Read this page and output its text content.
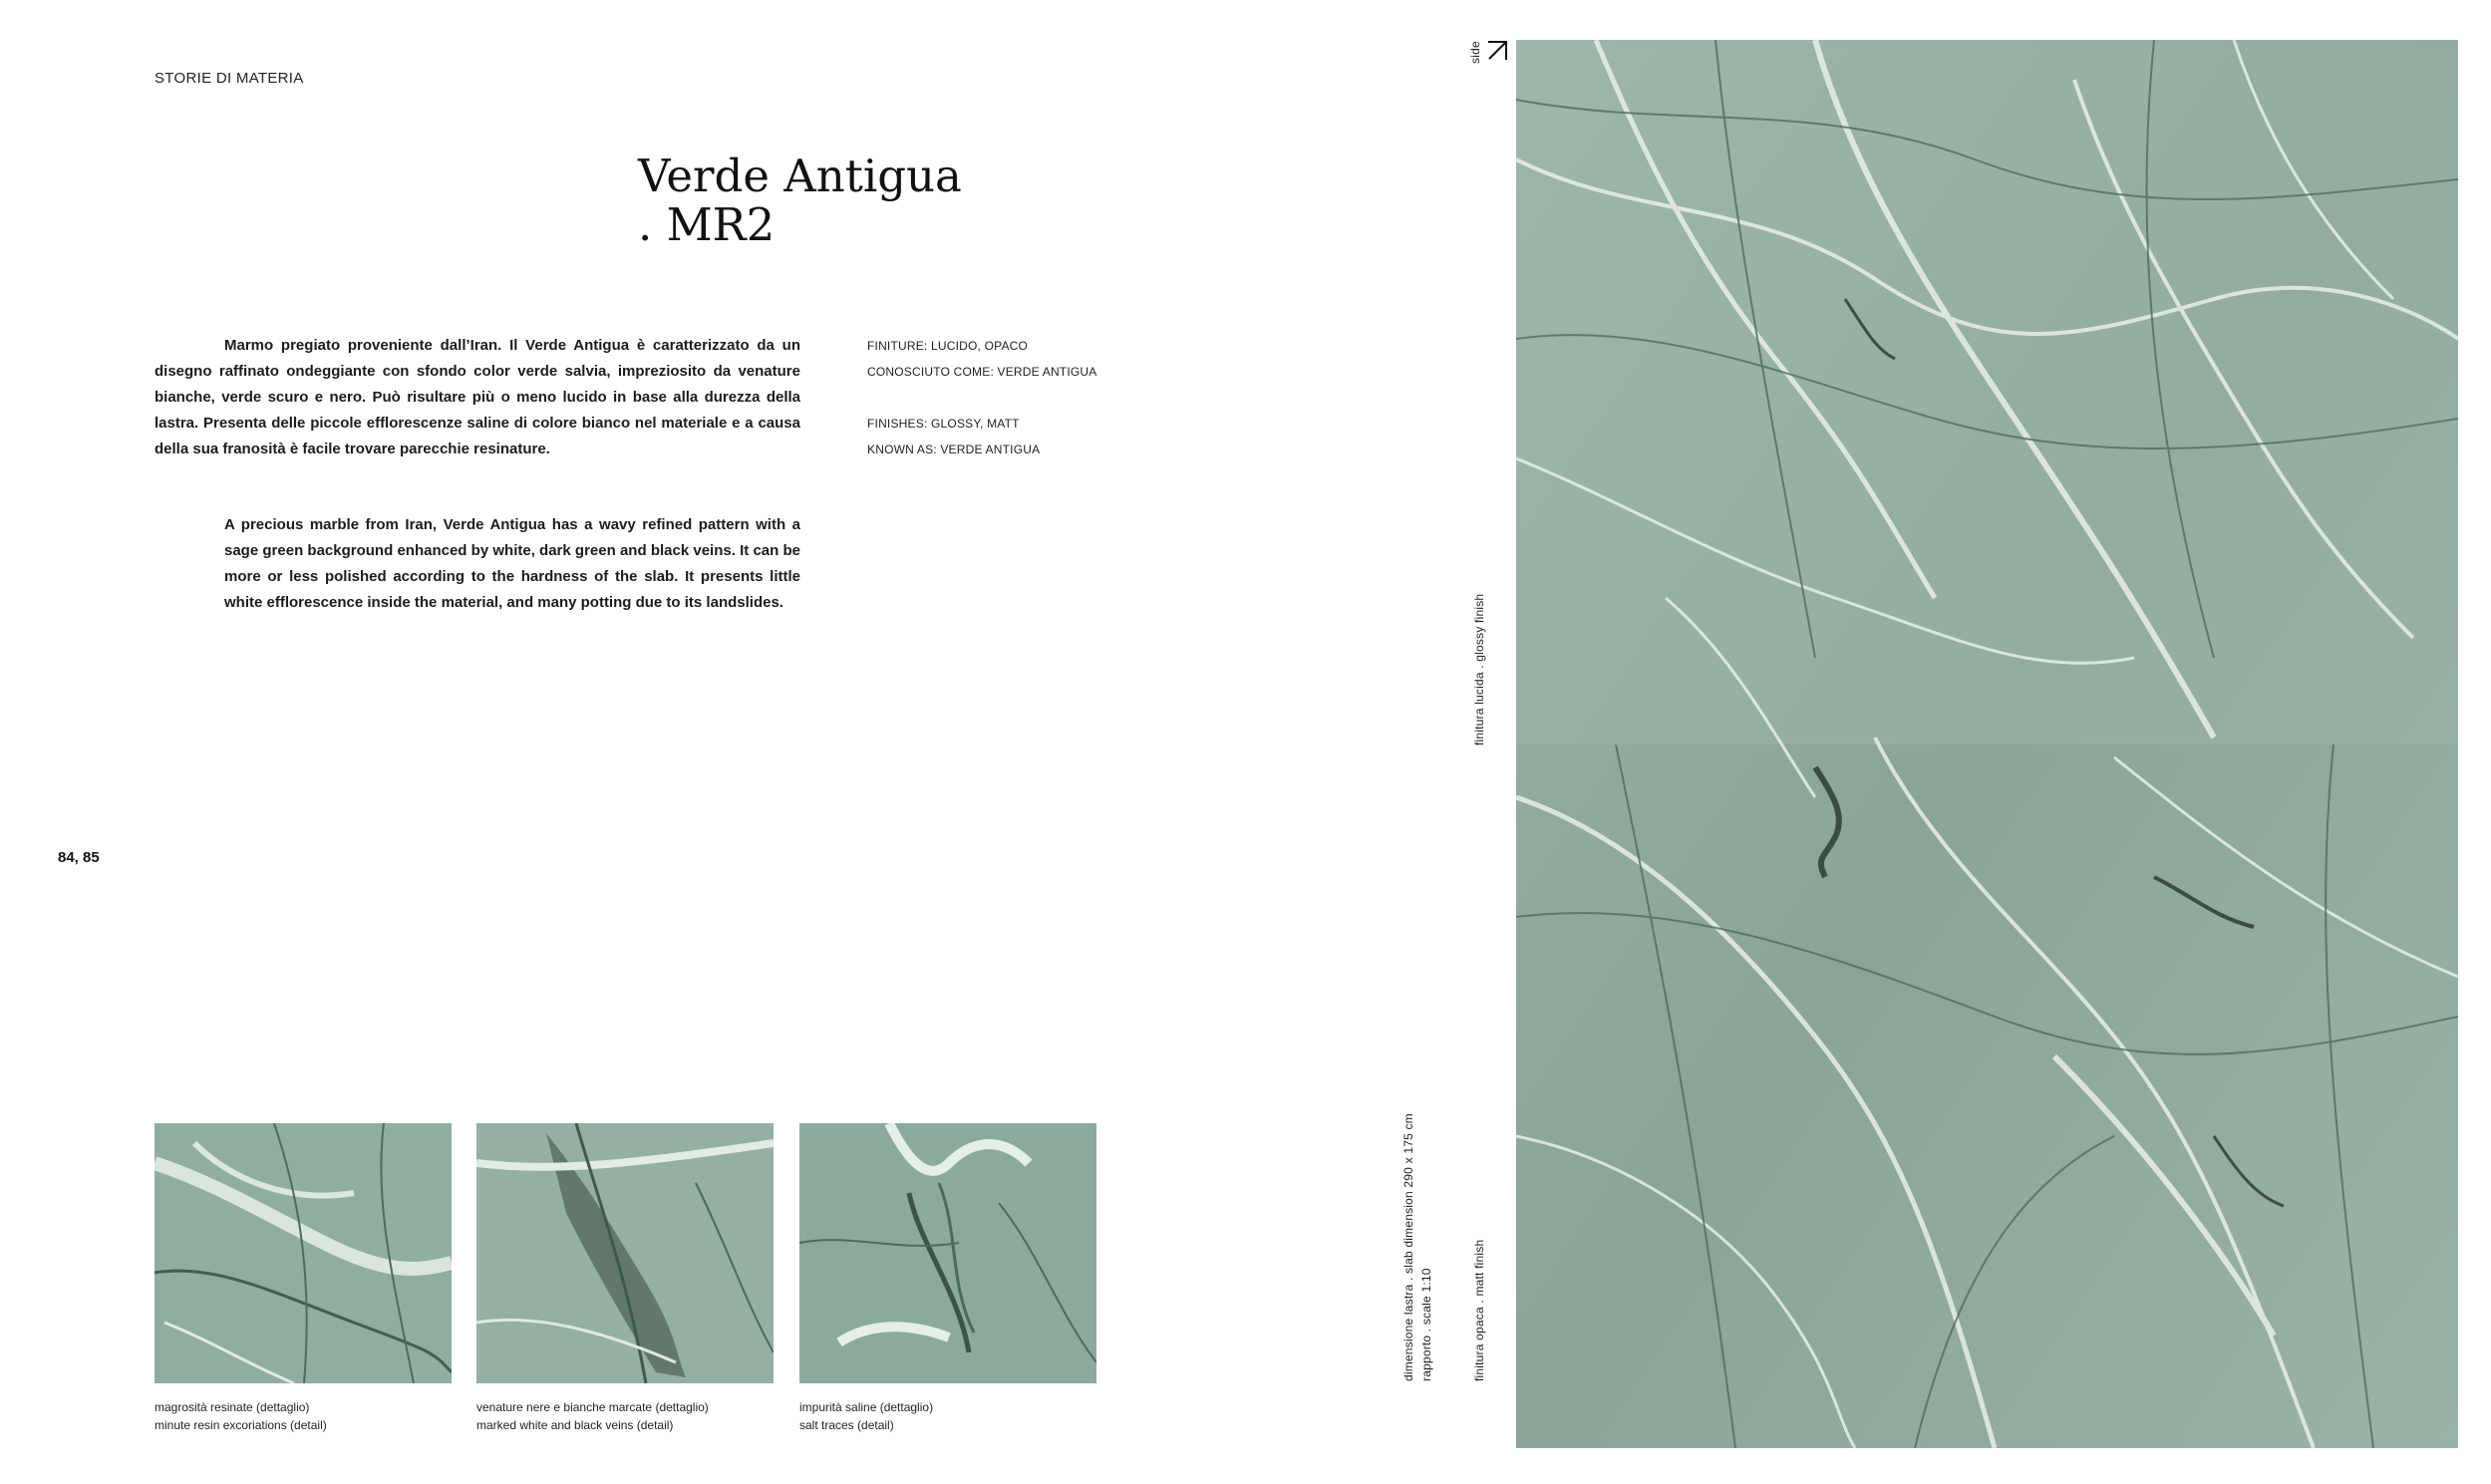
STORIE DI MATERIA
Verde Antigua
. MR2

Marmo pregiato proveniente dall’Iran. Il Verde Antigua è caratterizzato da un disegno raffinato ondeggiante con sfondo color verde salvia, impreziosito da venature bianche, verde scuro e nero. Può risultare più o meno lucido in base alla durezza della lastra. Presenta delle piccole efflorescenze saline di colore bianco nel materiale e a causa della sua franosità è facile trovare parecchie resinature.

A precious marble from Iran, Verde Antigua has a wavy refined pattern with a sage green background enhanced by white, dark green and black veins. It can be more or less polished according to the hardness of the slab. It presents little white efflorescence inside the material, and many potting due to its landslides.

FINITURE: LUCIDO, OPACO
CONOSCIUTO COME: VERDE ANTIGUA
FINISHES: GLOSSY, MATT
KNOWN AS: VERDE ANTIGUA
84, 85
magrosità resinate (dettaglio)
minute resin excoriations (detail)
venature nere e bianche marcate (dettaglio)
marked white and black veins (detail)
impurità saline (dettaglio)
salt traces (detail)
side
finitura lucida . glossy finish
finitura opaca . matt finish
dimensione lastra . slab dimension 290 x 175 cm rapporto . scale 1:10
